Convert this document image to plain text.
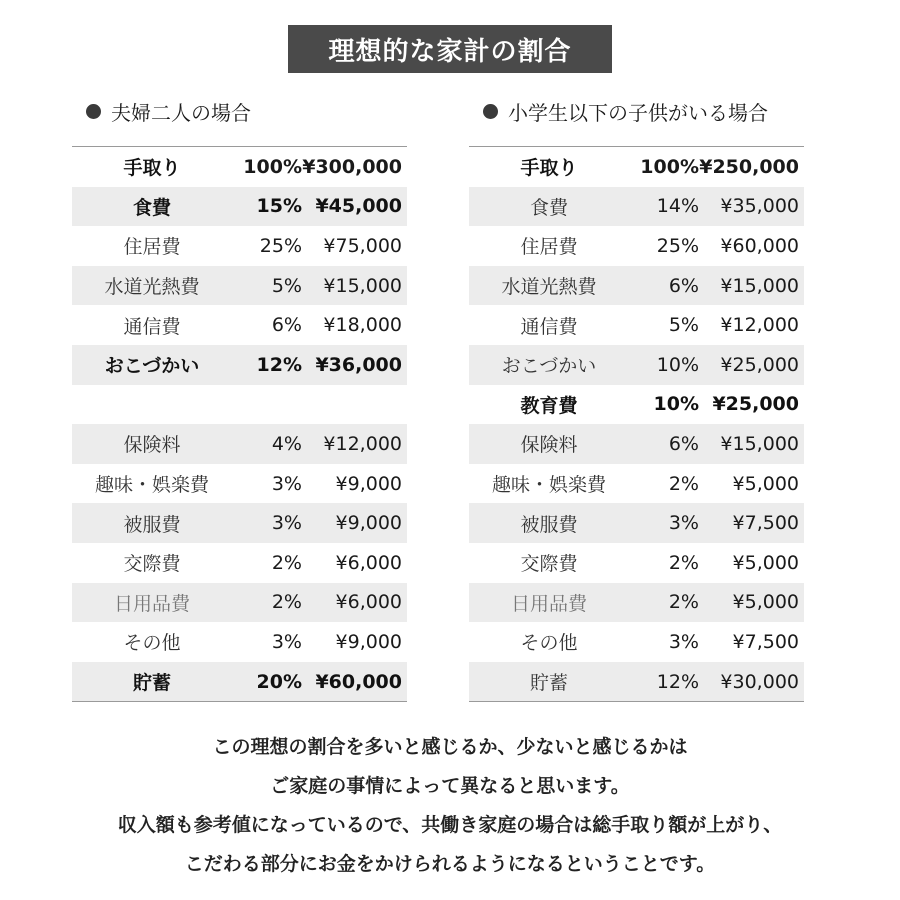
理想的な家計の割合
夫婦二人の場合
手取り	100% ¥300,000
食費	15% ¥45,000
住居費	25%	¥75,000
水道光熱費	5%	¥15,000
通信費	6%	¥18,000
おこづかい	12% ¥36,000
保険料	4%	¥12,000
趣味・娯楽費	3%	¥9,000
被服費	3%	¥9,000
交際費	2%	¥6,000
日用品費	2%	¥6,000
その他	3%	¥9,000
貯蓄	20% ¥60,000
小学生以下の子供がいる場合
手取り	100% ¥250,000
食費	14%	¥35,000
住居費	25%	¥60,000
水道光熱費	6%	¥15,000
通信費	5%	¥12,000
おこづかい	10%	¥25,000
教育費	10% ¥25,000
保険料	6%	¥15,000
趣味・娯楽費	2%	¥5,000
被服費	3%	¥7,500
交際費	2%	¥5,000
日用品費	2%	¥5,000
その他	3%	¥7,500
貯蓄	12%	¥30,000
この理想の割合を多いと感じるか、少ないと感じるかは
ご家庭の事情によって異なると思います。
収入額も参考値になっているので、共働き家庭の場合は総手取り額が上がり、
こだわる部分にお金をかけられるようになるということです。
